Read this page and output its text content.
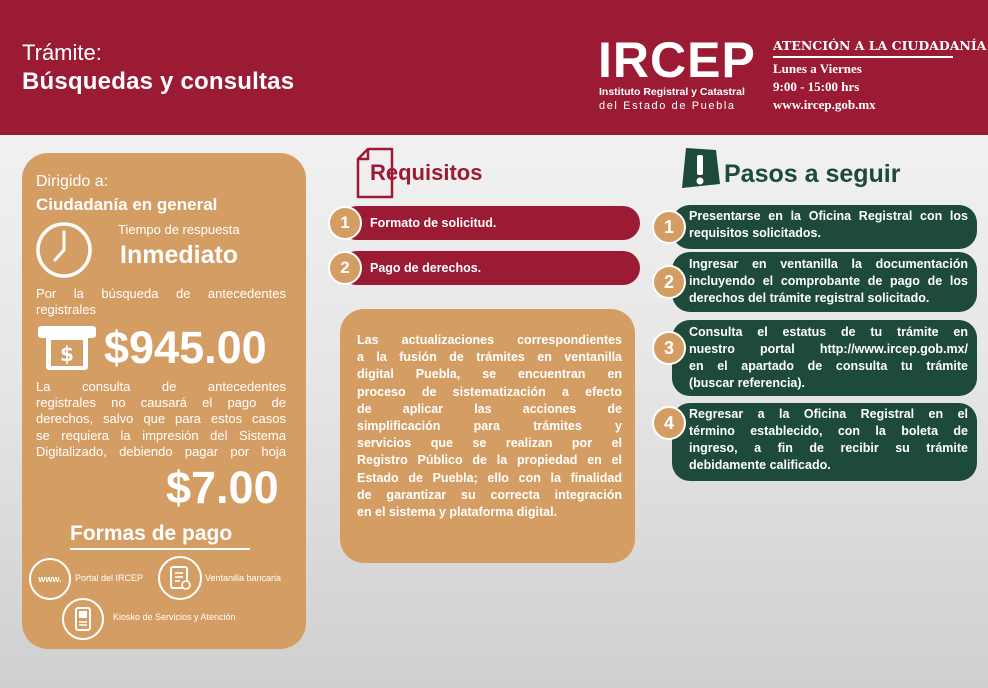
Trámite:
Búsquedas y consultas	IRCEP
Instituto Registral y Catastral
del Estado de Puebla
ATENCIÓN A LA CIUDADANÍA
Lunes a Viernes
9:00 - 15:00 hrs
www.ircep.gob.mx
Dirigido a:
Ciudadanía en general
Tiempo de respuesta
Inmediato
Por la búsqueda de antecedentes
registrales
$ $945.00
La consulta de antecedentes
registrales no causará el pago de
derechos, salvo que para estos casos
se requiera la impresión del Sistema
Digitalizado, debiendo pagar por hoja
$7.00
Formas de pago
www.	Portal del IRCEP	Ventanilla bancaria
Kiosko de Servicios y Atención
Requisitos
1	Formato de solicitud.
2	Pago de derechos.
Las actualizaciones correspondientes
a la fusión de trámites en ventanilla
digital Puebla, se encuentran en
proceso de sistematización a efecto
de aplicar las acciones de
simplificación para trámites y
servicios que se realizan por el
Registro Público de la propiedad en el
Estado de Puebla; ello con la finalidad
de garantizar su correcta integración
en el sistema y plataforma digital.
Pasos a seguir
1
Presentarse en la Oficina Registral con los
requisitos solicitados.
2
Ingresar en ventanilla la documentación
incluyendo el comprobante de pago de los
derechos del trámite registral solicitado.
3
Consulta el estatus de tu trámite en
nuestro portal http://www.ircep.gob.mx/
en el apartado de consulta tu trámite
(buscar referencia).
4	Regresar a la Oficina Registral en el
término establecido, con la boleta de
ingreso, a fin de recibir su trámite
debidamente calificado.
